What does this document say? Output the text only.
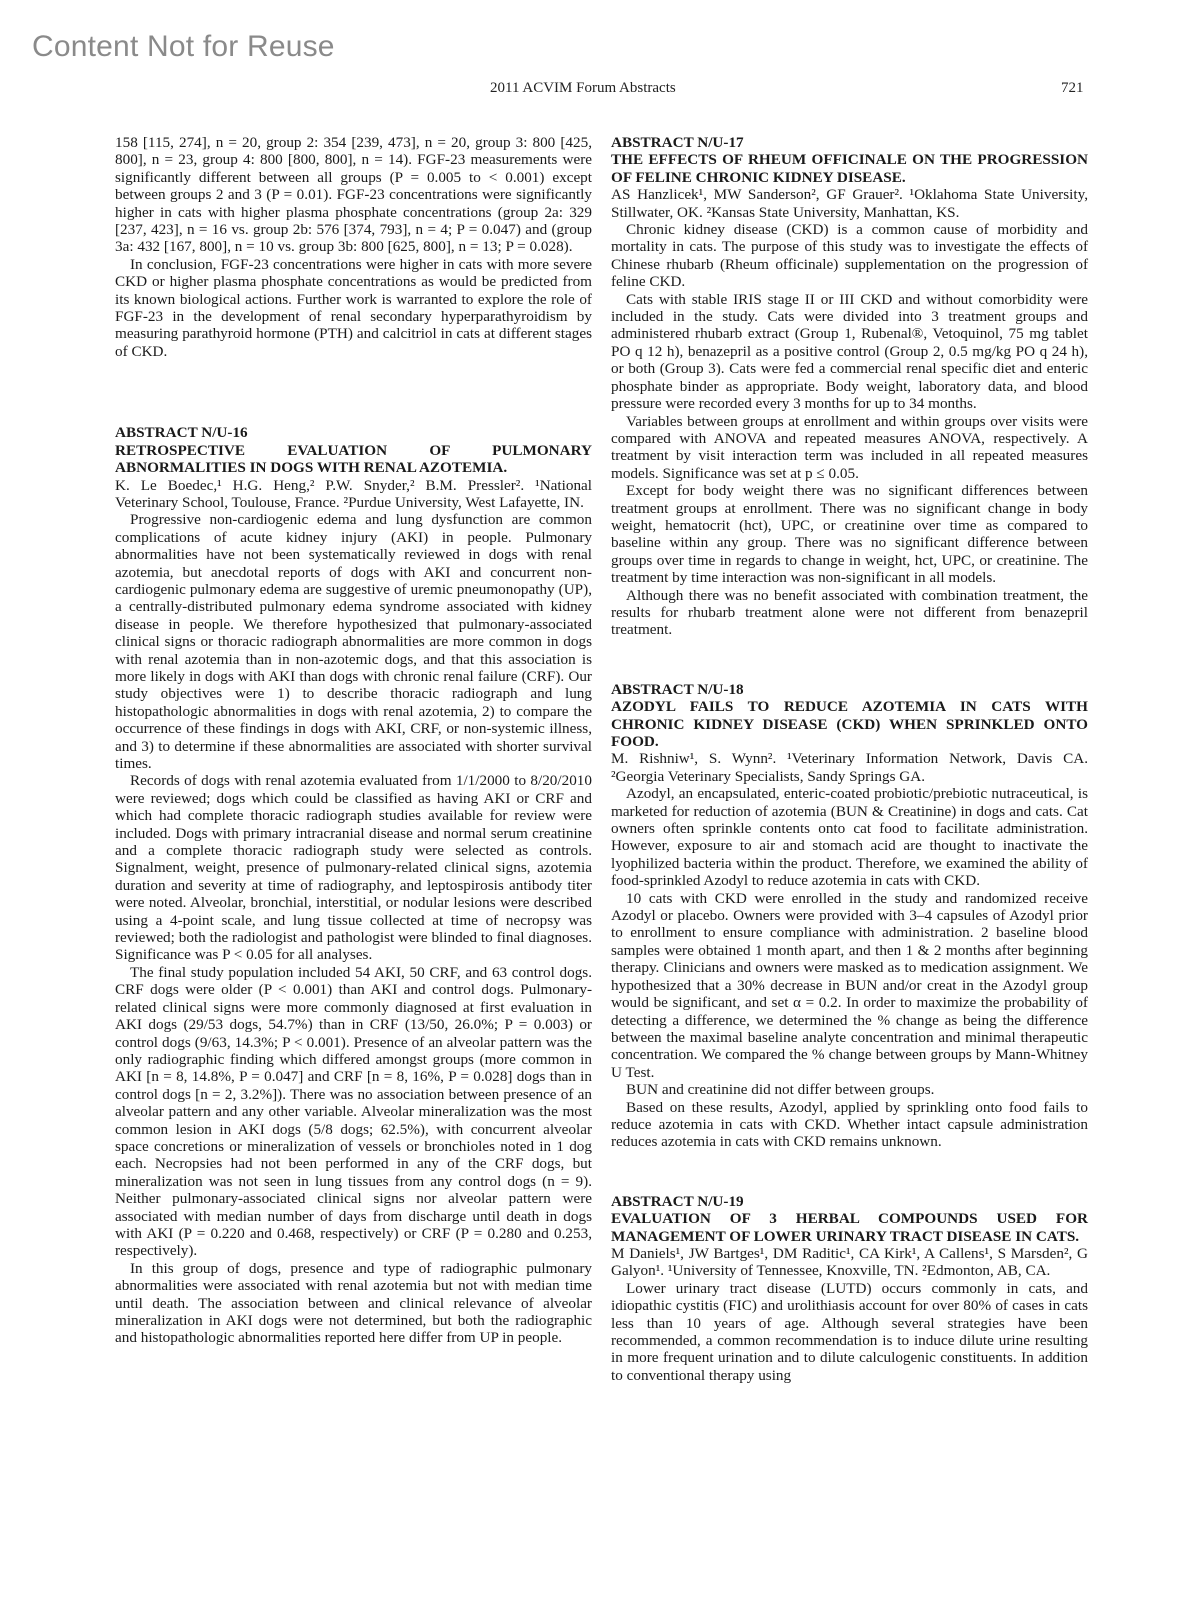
Content Not for Reuse
2011 ACVIM Forum Abstracts	721

158 [115, 274], n = 20, group 2: 354 [239, 473], n = 20, group 3: 800 [425, 800], n = 23, group 4: 800 [800, 800], n = 14). FGF-23 measurements were significantly different between all groups (P = 0.005 to < 0.001) except between groups 2 and 3 (P = 0.01). FGF-23 concentrations were significantly higher in cats with higher plasma phosphate concentrations (group 2a: 329 [237, 423], n = 16 vs. group 2b: 576 [374, 793], n = 4; P = 0.047) and (group 3a: 432 [167, 800], n = 10 vs. group 3b: 800 [625, 800], n = 13; P = 0.028).

In conclusion, FGF-23 concentrations were higher in cats with more severe CKD or higher plasma phosphate concentrations as would be predicted from its known biological actions. Further work is warranted to explore the role of FGF-23 in the development of renal secondary hyperparathyroidism by measuring parathyroid hormone (PTH) and calcitriol in cats at different stages of CKD.

ABSTRACT N/U-16

RETROSPECTIVE EVALUATION OF PULMONARY ABNORMALITIES IN DOGS WITH RENAL AZOTEMIA.

K. Le Boedec,¹ H.G. Heng,² P.W. Snyder,² B.M. Pressler². ¹National Veterinary School, Toulouse, France. ²Purdue University, West Lafayette, IN.

Progressive non-cardiogenic edema and lung dysfunction are common complications of acute kidney injury (AKI) in people. Pulmonary abnormalities have not been systematically reviewed in dogs with renal azotemia, but anecdotal reports of dogs with AKI and concurrent non-cardiogenic pulmonary edema are suggestive of uremic pneumonopathy (UP), a centrally-distributed pulmonary edema syndrome associated with kidney disease in people. We therefore hypothesized that pulmonary-associated clinical signs or thoracic radiograph abnormalities are more common in dogs with renal azotemia than in non-azotemic dogs, and that this association is more likely in dogs with AKI than dogs with chronic renal failure (CRF). Our study objectives were 1) to describe thoracic radiograph and lung histopathologic abnormalities in dogs with renal azotemia, 2) to compare the occurrence of these findings in dogs with AKI, CRF, or non-systemic illness, and 3) to determine if these abnormalities are associated with shorter survival times.

Records of dogs with renal azotemia evaluated from 1/1/2000 to 8/20/2010 were reviewed; dogs which could be classified as having AKI or CRF and which had complete thoracic radiograph studies available for review were included. Dogs with primary intracranial disease and normal serum creatinine and a complete thoracic radiograph study were selected as controls. Signalment, weight, presence of pulmonary-related clinical signs, azotemia duration and severity at time of radiography, and leptospirosis antibody titer were noted. Alveolar, bronchial, interstitial, or nodular lesions were described using a 4-point scale, and lung tissue collected at time of necropsy was reviewed; both the radiologist and pathologist were blinded to final diagnoses. Significance was P < 0.05 for all analyses.

The final study population included 54 AKI, 50 CRF, and 63 control dogs. CRF dogs were older (P < 0.001) than AKI and control dogs. Pulmonary-related clinical signs were more commonly diagnosed at first evaluation in AKI dogs (29/53 dogs, 54.7%) than in CRF (13/50, 26.0%; P = 0.003) or control dogs (9/63, 14.3%; P < 0.001). Presence of an alveolar pattern was the only radiographic finding which differed amongst groups (more common in AKI [n = 8, 14.8%, P = 0.047] and CRF [n = 8, 16%, P = 0.028] dogs than in control dogs [n = 2, 3.2%]). There was no association between presence of an alveolar pattern and any other variable. Alveolar mineralization was the most common lesion in AKI dogs (5/8 dogs; 62.5%), with concurrent alveolar space concretions or mineralization of vessels or bronchioles noted in 1 dog each. Necropsies had not been performed in any of the CRF dogs, but mineralization was not seen in lung tissues from any control dogs (n = 9). Neither pulmonary-associated clinical signs nor alveolar pattern were associated with median number of days from discharge until death in dogs with AKI (P = 0.220 and 0.468, respectively) or CRF (P = 0.280 and 0.253, respectively).

In this group of dogs, presence and type of radiographic pulmonary abnormalities were associated with renal azotemia but not with median time until death. The association between and clinical relevance of alveolar mineralization in AKI dogs were not determined, but both the radiographic and histopathologic abnormalities reported here differ from UP in people.

ABSTRACT N/U-17

THE EFFECTS OF RHEUM OFFICINALE ON THE PROGRESSION OF FELINE CHRONIC KIDNEY DISEASE.

AS Hanzlicek¹, MW Sanderson², GF Grauer². ¹Oklahoma State University, Stillwater, OK. ²Kansas State University, Manhattan, KS.

Chronic kidney disease (CKD) is a common cause of morbidity and mortality in cats. The purpose of this study was to investigate the effects of Chinese rhubarb (Rheum officinale) supplementation on the progression of feline CKD.

Cats with stable IRIS stage II or III CKD and without comorbidity were included in the study. Cats were divided into 3 treatment groups and administered rhubarb extract (Group 1, Rubenal®, Vetoquinol, 75 mg tablet PO q 12 h), benazepril as a positive control (Group 2, 0.5 mg/kg PO q 24 h), or both (Group 3). Cats were fed a commercial renal specific diet and enteric phosphate binder as appropriate. Body weight, laboratory data, and blood pressure were recorded every 3 months for up to 34 months.

Variables between groups at enrollment and within groups over visits were compared with ANOVA and repeated measures ANOVA, respectively. A treatment by visit interaction term was included in all repeated measures models. Significance was set at p ≤ 0.05.

Except for body weight there was no significant differences between treatment groups at enrollment. There was no significant change in body weight, hematocrit (hct), UPC, or creatinine over time as compared to baseline within any group. There was no significant difference between groups over time in regards to change in weight, hct, UPC, or creatinine. The treatment by time interaction was non-significant in all models.

Although there was no benefit associated with combination treatment, the results for rhubarb treatment alone were not different from benazepril treatment.

ABSTRACT N/U-18

AZODYL FAILS TO REDUCE AZOTEMIA IN CATS WITH CHRONIC KIDNEY DISEASE (CKD) WHEN SPRINKLED ONTO FOOD.

M. Rishniw¹, S. Wynn². ¹Veterinary Information Network, Davis CA. ²Georgia Veterinary Specialists, Sandy Springs GA.

Azodyl, an encapsulated, enteric-coated probiotic/prebiotic nutraceutical, is marketed for reduction of azotemia (BUN & Creatinine) in dogs and cats. Cat owners often sprinkle contents onto cat food to facilitate administration. However, exposure to air and stomach acid are thought to inactivate the lyophilized bacteria within the product. Therefore, we examined the ability of food-sprinkled Azodyl to reduce azotemia in cats with CKD.

10 cats with CKD were enrolled in the study and randomized receive Azodyl or placebo. Owners were provided with 3–4 capsules of Azodyl prior to enrollment to ensure compliance with administration. 2 baseline blood samples were obtained 1 month apart, and then 1 & 2 months after beginning therapy. Clinicians and owners were masked as to medication assignment. We hypothesized that a 30% decrease in BUN and/or creat in the Azodyl group would be significant, and set α = 0.2. In order to maximize the probability of detecting a difference, we determined the % change as being the difference between the maximal baseline analyte concentration and minimal therapeutic concentration. We compared the % change between groups by Mann-Whitney U Test.

BUN and creatinine did not differ between groups.

Based on these results, Azodyl, applied by sprinkling onto food fails to reduce azotemia in cats with CKD. Whether intact capsule administration reduces azotemia in cats with CKD remains unknown.

ABSTRACT N/U-19

EVALUATION OF 3 HERBAL COMPOUNDS USED FOR MANAGEMENT OF LOWER URINARY TRACT DISEASE IN CATS.

M Daniels¹, JW Bartges¹, DM Raditic¹, CA Kirk¹, A Callens¹, S Marsden², G Galyon¹. ¹University of Tennessee, Knoxville, TN. ²Edmonton, AB, CA.

Lower urinary tract disease (LUTD) occurs commonly in cats, and idiopathic cystitis (FIC) and urolithiasis account for over 80% of cases in cats less than 10 years of age. Although several strategies have been recommended, a common recommendation is to induce dilute urine resulting in more frequent urination and to dilute calculogenic constituents. In addition to conventional therapy using
